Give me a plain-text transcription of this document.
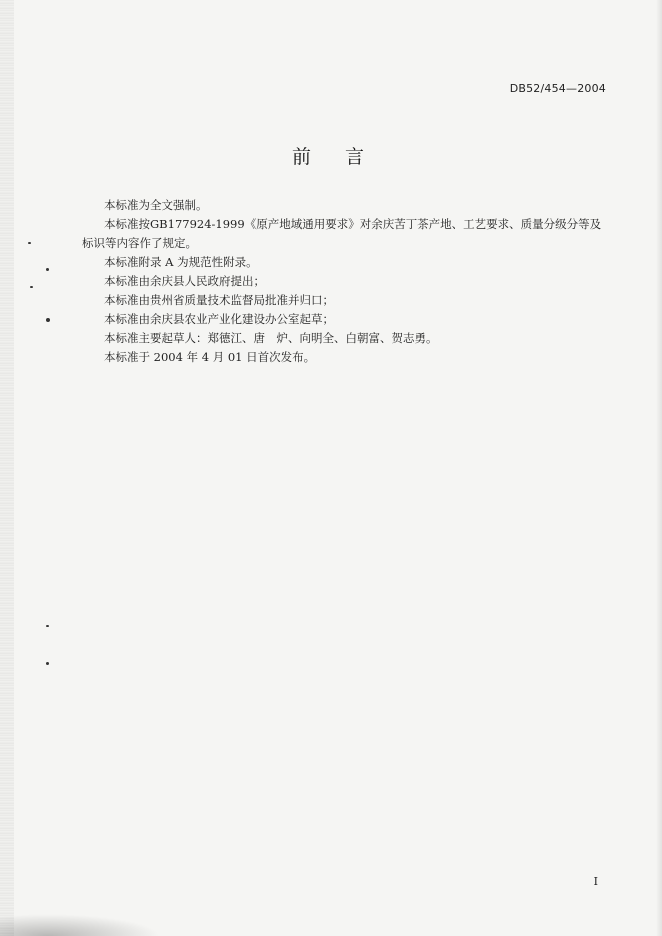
DB52/454—2004
前言

本标准为全文强制。

本标准按GB177924-1999《原产地域通用要求》对余庆苦丁茶产地、工艺要求、质量分级分等及标识等内容作了规定。

本标准附录 A 为规范性附录。

本标准由余庆县人民政府提出；

本标准由贵州省质量技术监督局批准并归口；

本标准由余庆县农业产业化建设办公室起草；

本标准主要起草人：郑德江、唐　炉、向明全、白朝富、贺志勇。

本标准于 2004 年 4 月 01 日首次发布。

I
